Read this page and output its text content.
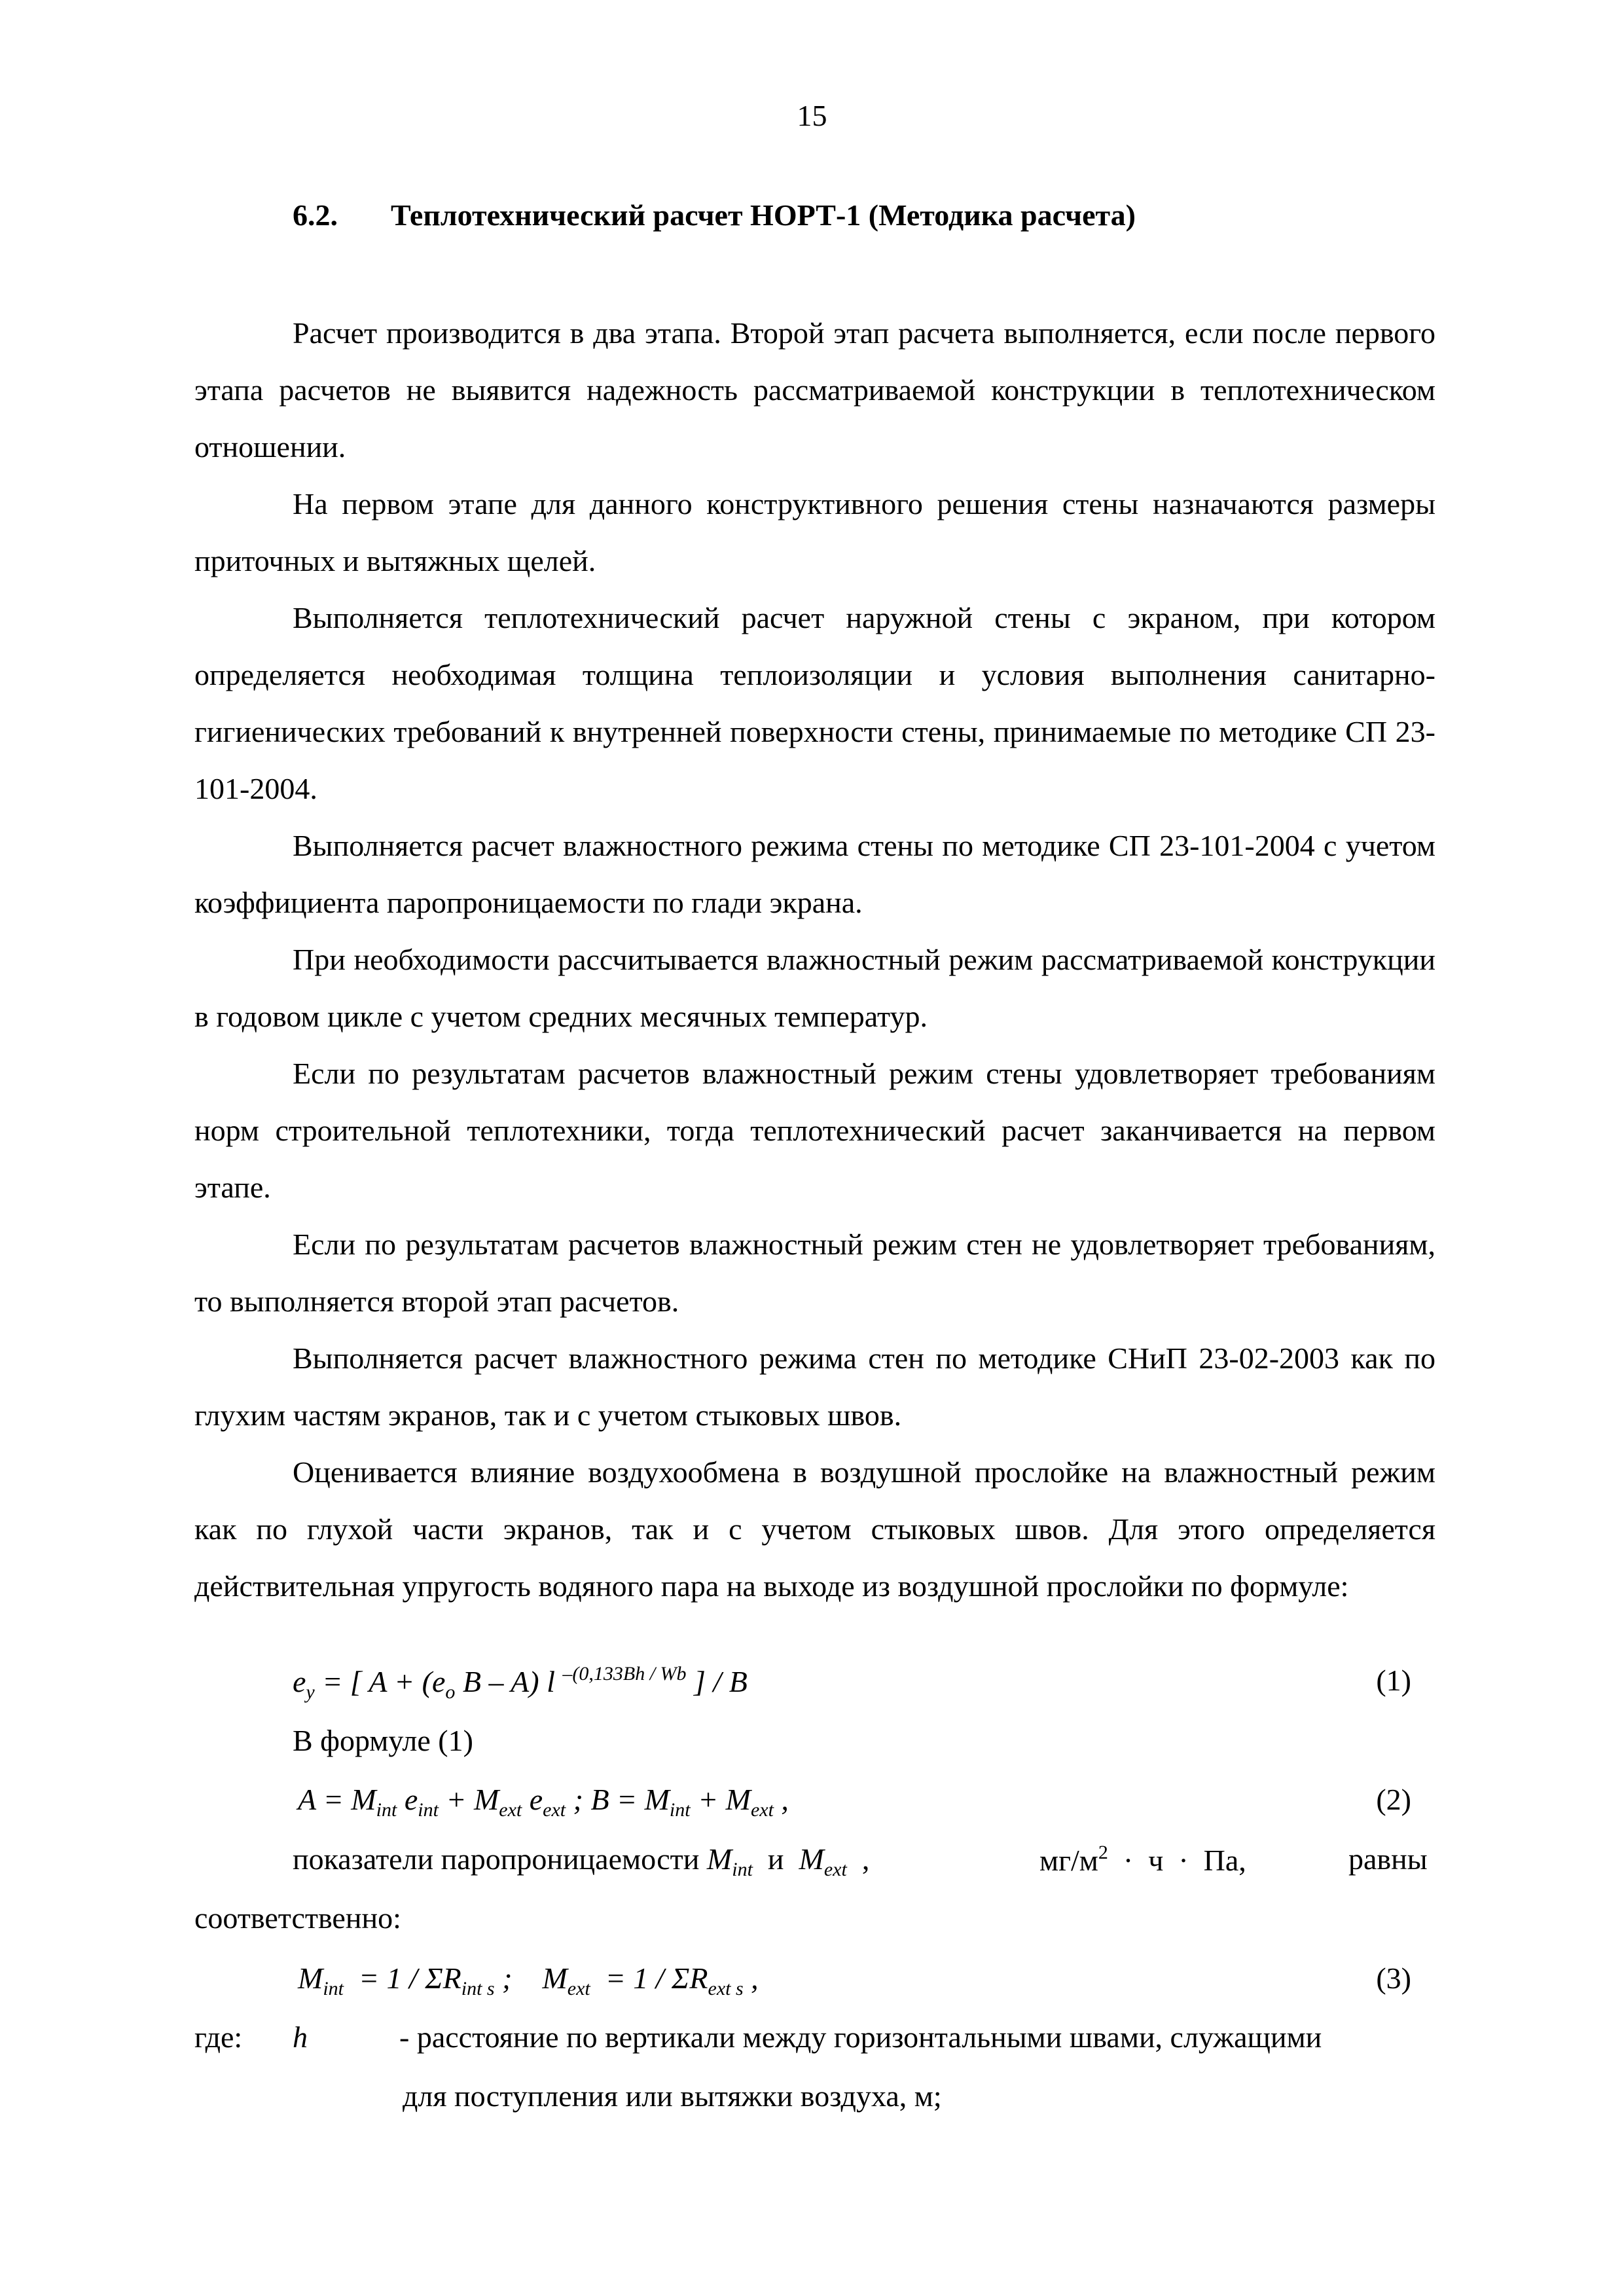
15
6.2. Теплотехнический расчет НОРТ-1 (Методика расчета)

Расчет производится в два этапа. Второй этап расчета выполняется, если после первого этапа расчетов не выявится надежность рассматриваемой конструкции в теплотехническом отношении.

На первом этапе для данного конструктивного решения стены назначаются размеры приточных и вытяжных щелей.

Выполняется теплотехнический расчет наружной стены с экраном, при котором определяется необходимая толщина теплоизоляции и условия выполнения санитарно-гигиенических требований к внутренней поверхности стены, принимаемые по методике СП 23-101-2004.

Выполняется расчет влажностного режима стены по методике СП 23-101-2004 с учетом коэффициента паропроницаемости по глади экрана.

При необходимости рассчитывается влажностный режим рассматриваемой конструкции в годовом цикле с учетом средних месячных температур.

Если по результатам расчетов влажностный режим стены удовлетворяет требованиям норм строительной теплотехники, тогда теплотехнический расчет заканчивается на первом этапе.

Если по результатам расчетов влажностный режим стен не удовлетворяет требованиям, то выполняется второй этап расчетов.

Выполняется расчет влажностного режима стен по методике СНиП 23-02-2003 как по глухим частям экранов, так и с учетом стыковых швов.

Оценивается влияние воздухообмена в воздушной прослойке на влажностный режим как по глухой части экранов, так и с учетом стыковых швов. Для этого определяется действительная упругость водяного пара на выходе из воздушной прослойки по формуле:

$e_y$ = [ $A + (e_o$ B – A) l $^{-(0,133Bh / Wb}$ ] / B	(1)
В формуле (1)
$A = M_{int}$ $e_{int} + M_{ext}$ $e_{ext}$ ; $B = M_{int} + M_{ext}$ ,	(2)
показатели паропроницаемости $M_{int}$  и  $M_{ext}$  ,	$мг/м^2 \cdot ч$  ·  Па,	равны
соответственно:
$M_{int} = 1 / \Sigma R_{int s}$ ;    $M_{ext} = 1 / \Sigma R_{ext s}$ ,	(3)
где: h	- расстояние по вертикали между горизонтальными швами, служащими
для поступления или вытяжки воздуха, м;
